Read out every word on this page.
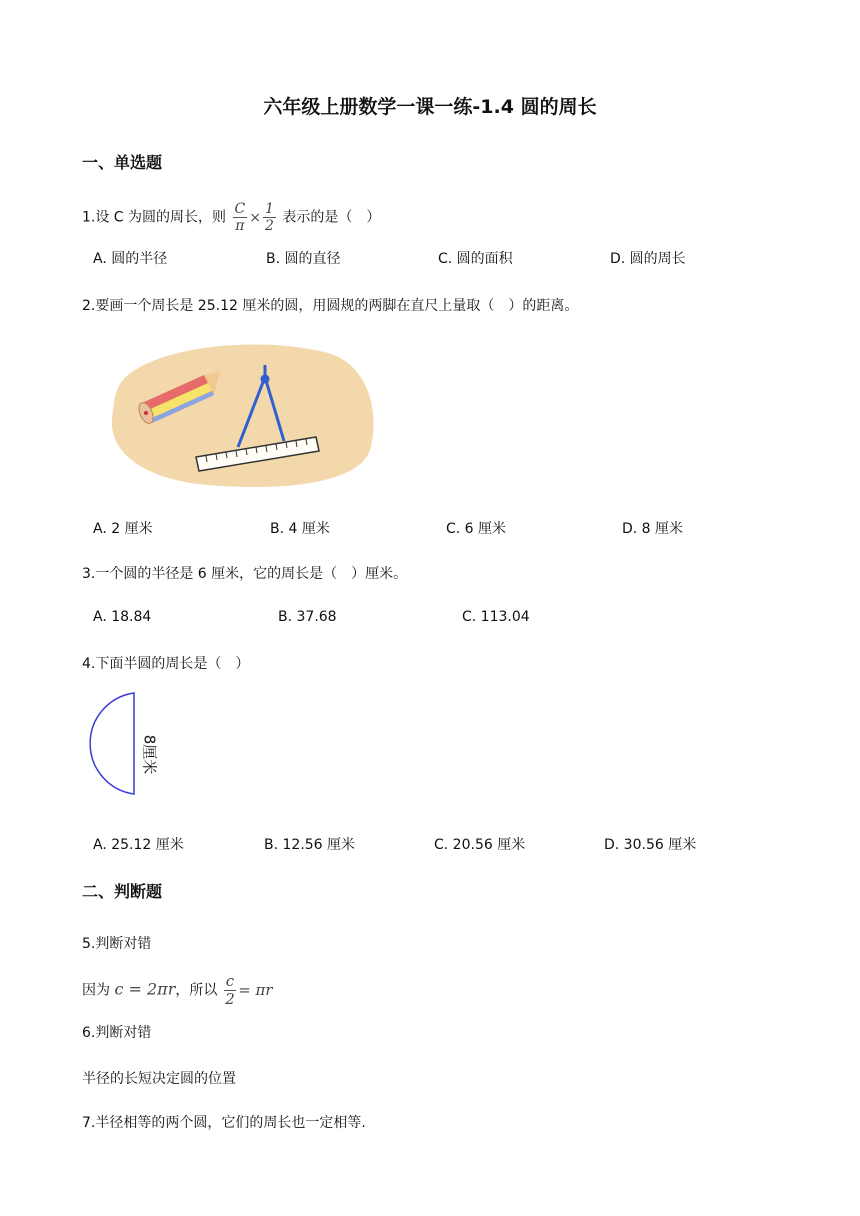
六年级上册数学一课一练-1.4 圆的周长
一、单选题
1.设 C 为圆的周长，则 $\frac{C}{\pi} \times \frac{1}{2}$ 表示的是（　）
A. 圆的半径	B. 圆的直径	C. 圆的面积	D. 圆的周长
2.要画一个周长是 25.12 厘米的圆，用圆规的两脚在直尺上量取（　）的距离。
A. 2 厘米	B. 4 厘米	C. 6 厘米	D. 8 厘米
3.一个圆的半径是 6 厘米，它的周长是（　）厘米。
A. 18.84	B. 37.68	C. 113.04
4.下面半圆的周长是（　）
8厘米
A. 25.12 厘米	B. 12.56 厘米	C. 20.56 厘米	D. 30.56 厘米
二、判断题
5.判断对错
因为 c = 2πr，所以 $\frac{c}{2} = \pi r$
6.判断对错
半径的长短决定圆的位置
7.半径相等的两个圆，它们的周长也一定相等.
